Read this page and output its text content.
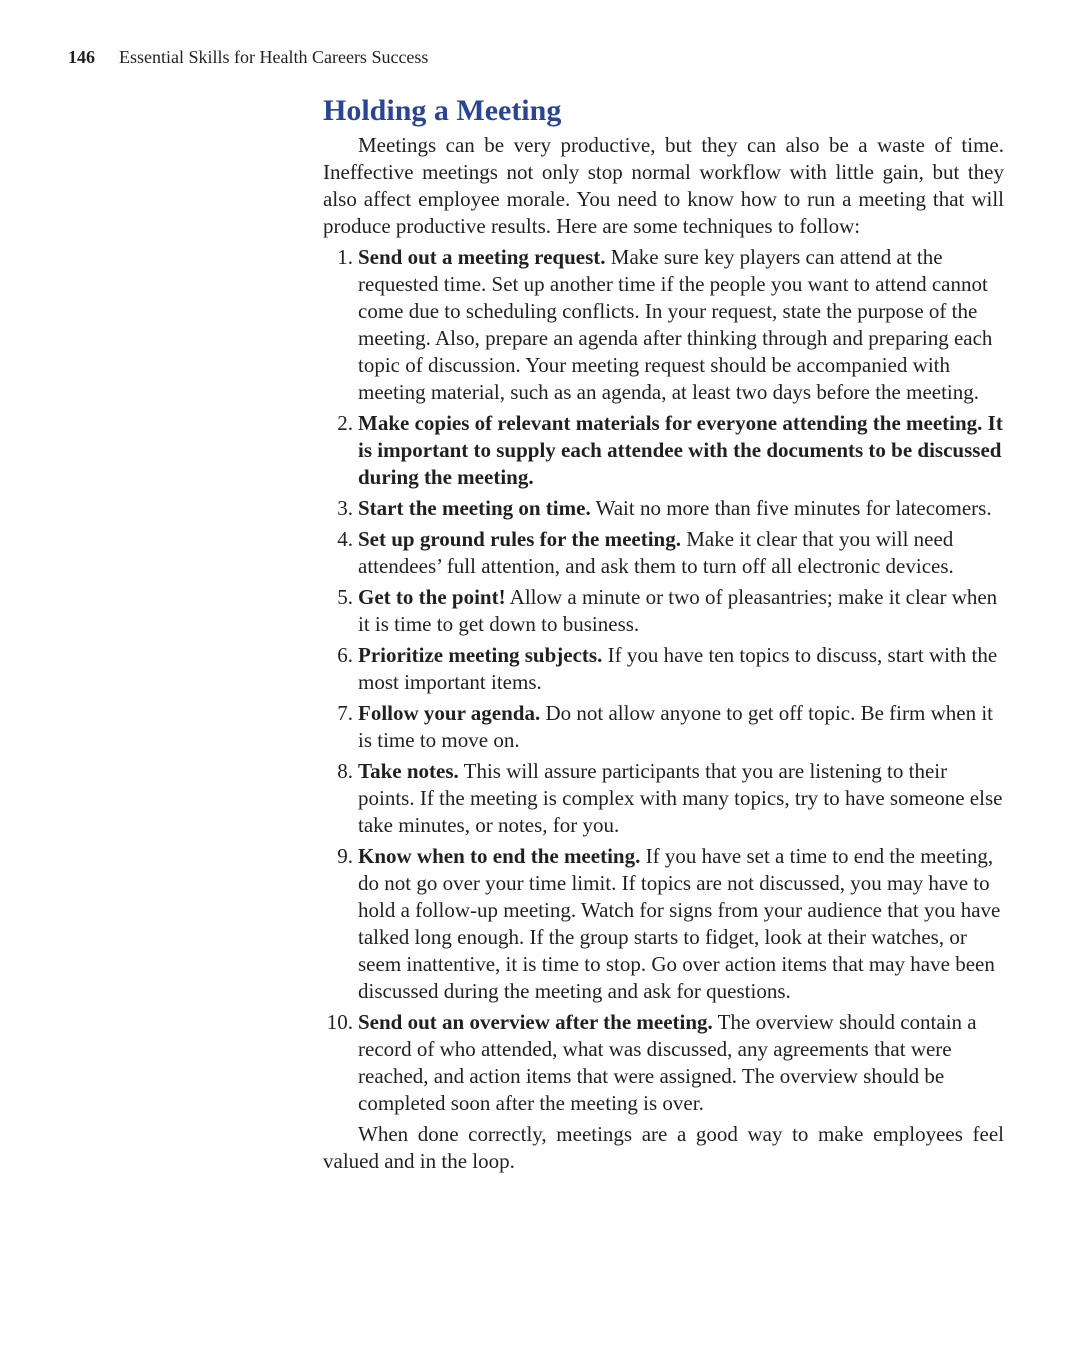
146 Essential Skills for Health Careers Success
Holding a Meeting

Meetings can be very productive, but they can also be a waste of time. Ineffective meetings not only stop normal workflow with little gain, but they also affect employee morale. You need to know how to run a meeting that will produce productive results. Here are some techniques to follow:

1. Send out a meeting request. Make sure key players can attend at the requested time. Set up another time if the people you want to attend cannot come due to scheduling conflicts. In your request, state the purpose of the meeting. Also, prepare an agenda after thinking through and preparing each topic of discussion. Your meeting request should be accompanied with meeting material, such as an agenda, at least two days before the meeting.
2. Make copies of relevant materials for everyone attending the meeting. It is important to supply each attendee with the documents to be discussed during the meeting.
3. Start the meeting on time. Wait no more than five minutes for latecomers.
4. Set up ground rules for the meeting. Make it clear that you will need attendees’ full attention, and ask them to turn off all electronic devices.
5. Get to the point! Allow a minute or two of pleasantries; make it clear when it is time to get down to business.
6. Prioritize meeting subjects. If you have ten topics to discuss, start with the most important items.
7. Follow your agenda. Do not allow anyone to get off topic. Be firm when it is time to move on.
8. Take notes. This will assure participants that you are listening to their points. If the meeting is complex with many topics, try to have someone else take minutes, or notes, for you.
9. Know when to end the meeting. If you have set a time to end the meeting, do not go over your time limit. If topics are not discussed, you may have to hold a follow-up meeting. Watch for signs from your audience that you have talked long enough. If the group starts to fidget, look at their watches, or seem inattentive, it is time to stop. Go over action items that may have been discussed during the meeting and ask for questions.
10. Send out an overview after the meeting. The overview should contain a record of who attended, what was discussed, any agreements that were reached, and action items that were assigned. The overview should be completed soon after the meeting is over.

When done correctly, meetings are a good way to make employees feel valued and in the loop.
